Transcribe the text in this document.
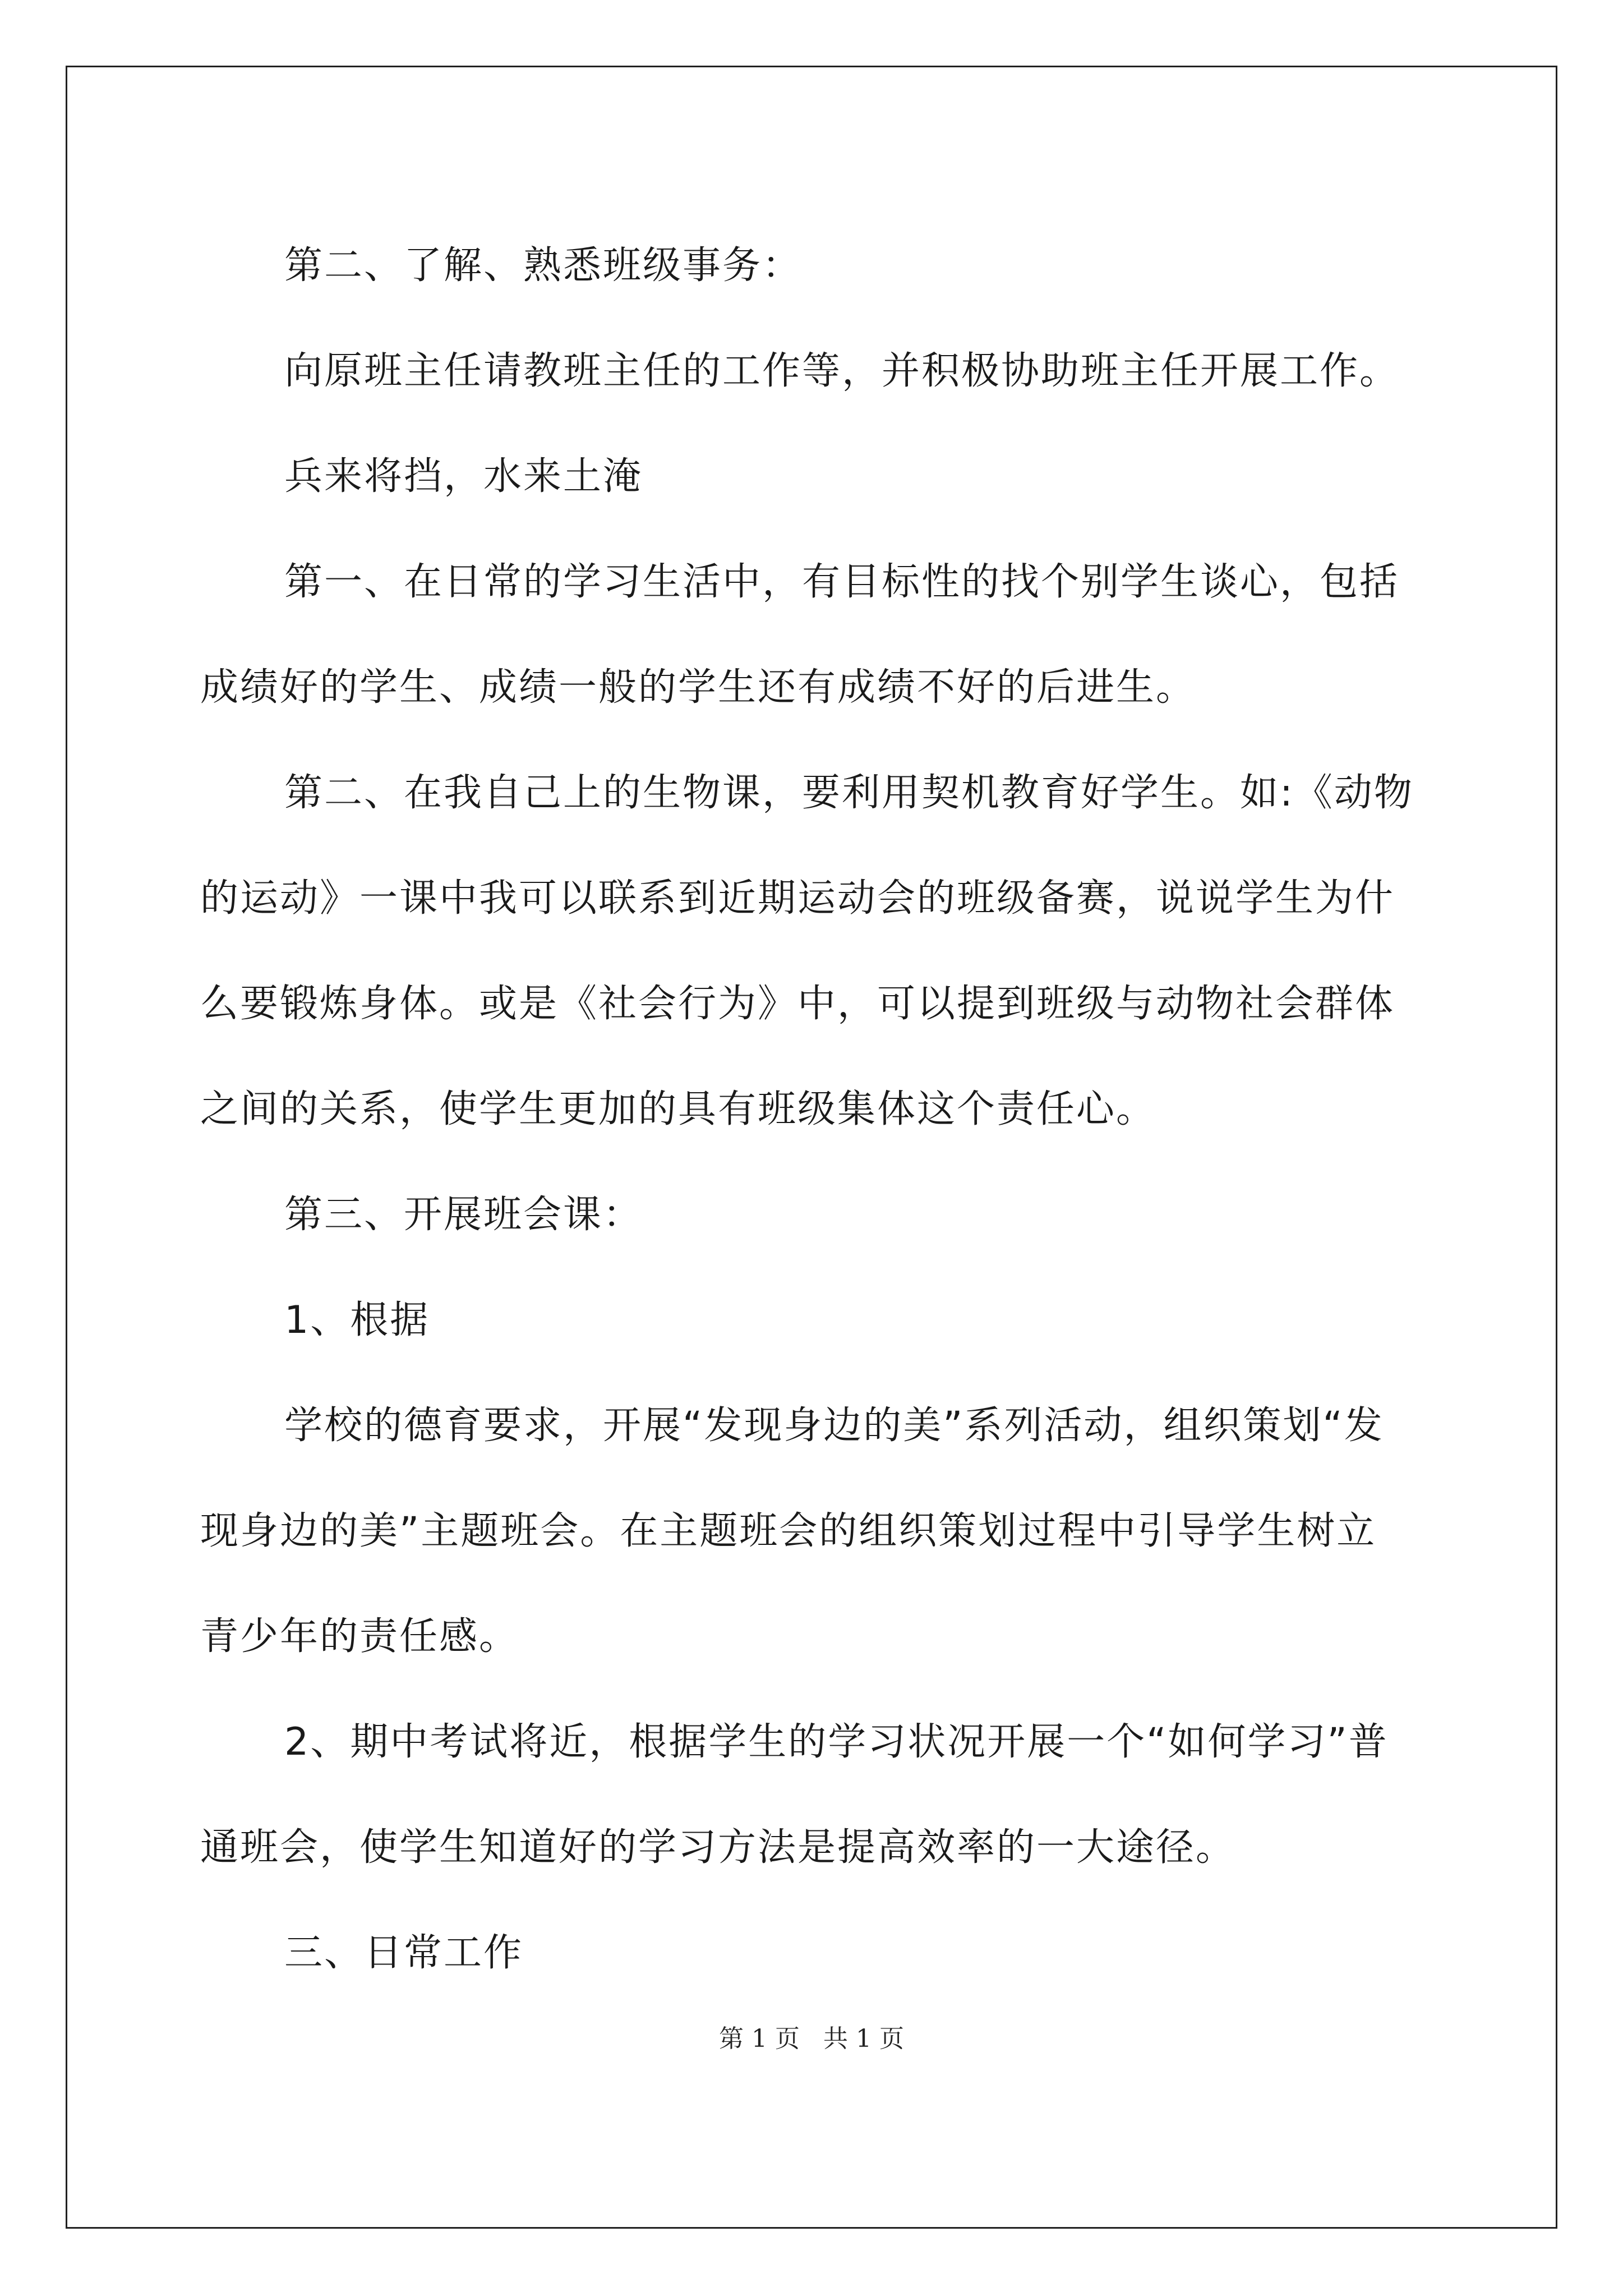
第二、了解、熟悉班级事务：

向原班主任请教班主任的工作等，并积极协助班主任开展工作。

兵来将挡，水来土淹

第一、在日常的学习生活中，有目标性的找个别学生谈心，包括

成绩好的学生、成绩一般的学生还有成绩不好的后进生。

第二、在我自己上的生物课，要利用契机教育好学生。如:《动物

的运动》一课中我可以联系到近期运动会的班级备赛，说说学生为什

么要锻炼身体。或是《社会行为》中，可以提到班级与动物社会群体

之间的关系，使学生更加的具有班级集体这个责任心。

第三、开展班会课：

1、根据

学校的德育要求，开展“发现身边的美”系列活动，组织策划“发

现身边的美”主题班会。在主题班会的组织策划过程中引导学生树立

青少年的责任感。

2、期中考试将近，根据学生的学习状况开展一个“如何学习”普

通班会，使学生知道好的学习方法是提高效率的一大途径。

三、日常工作

第 1 页   共 1 页
